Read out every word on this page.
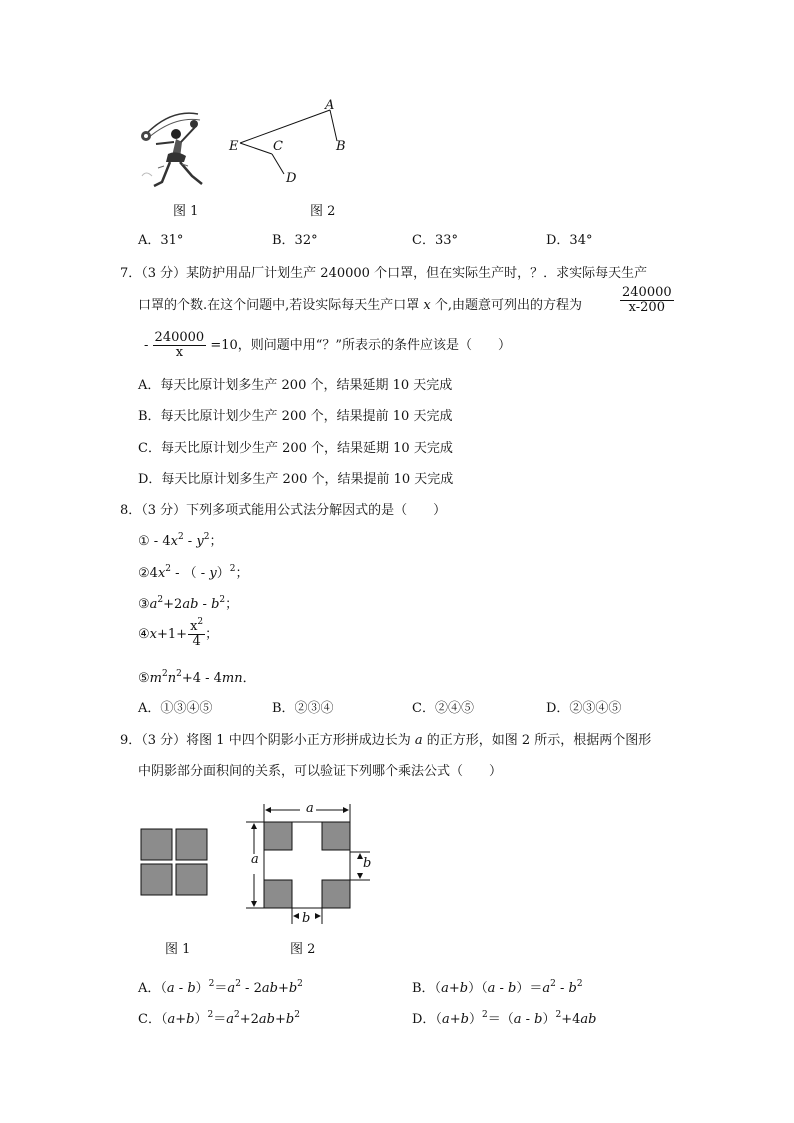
图 1
A
B
C
D
E
图 2
A．31°	B．32°	C．33°	D．34°
7．（3 分）某防护用品厂计划生产 240000 个口罩，但在实际生产时，？．求实际每天生产
口罩的个数.在这个问题中,若设实际每天生产口罩 x 个,由题意可列出的方程为	$\frac{240000}{x-200}$
- $\frac{240000}{x} =10$，则问题中用“？”所表示的条件应该是（　　）
A．每天比原计划多生产 200 个，结果延期 10 天完成
B．每天比原计划少生产 200 个，结果提前 10 天完成
C．每天比原计划少生产 200 个，结果延期 10 天完成
D．每天比原计划多生产 200 个，结果提前 10 天完成
8．（3 分）下列多项式能用公式法分解因式的是（　　）
① - $4x^2 - y^2$；
$②4x^2$ - （ - y）$^2$；
$③a^2+2ab - b^2$；
④x+1+ $\frac{x^2}{4}$ ；
$⑤m^2n^2+4 - 4mn$．
A．①③④⑤	B．②③④	C．②④⑤	D．②③④⑤
9．（3 分）将图 1 中四个阴影小正方形拼成边长为 a 的正方形，如图 2 所示，根据两个图形
中阴影部分面积间的关系，可以验证下列哪个乘法公式（　　）
图 1
a
a	b
b
图 2
A．$(a - b)^2=a^2 - 2ab+b^2$	B．$(a+b)(a - b)=a^2 - b^2$
C．$(a+b)^2=a^2+2ab+b^2$	D．$(a+b)^2=(a - b)^2+4ab$
